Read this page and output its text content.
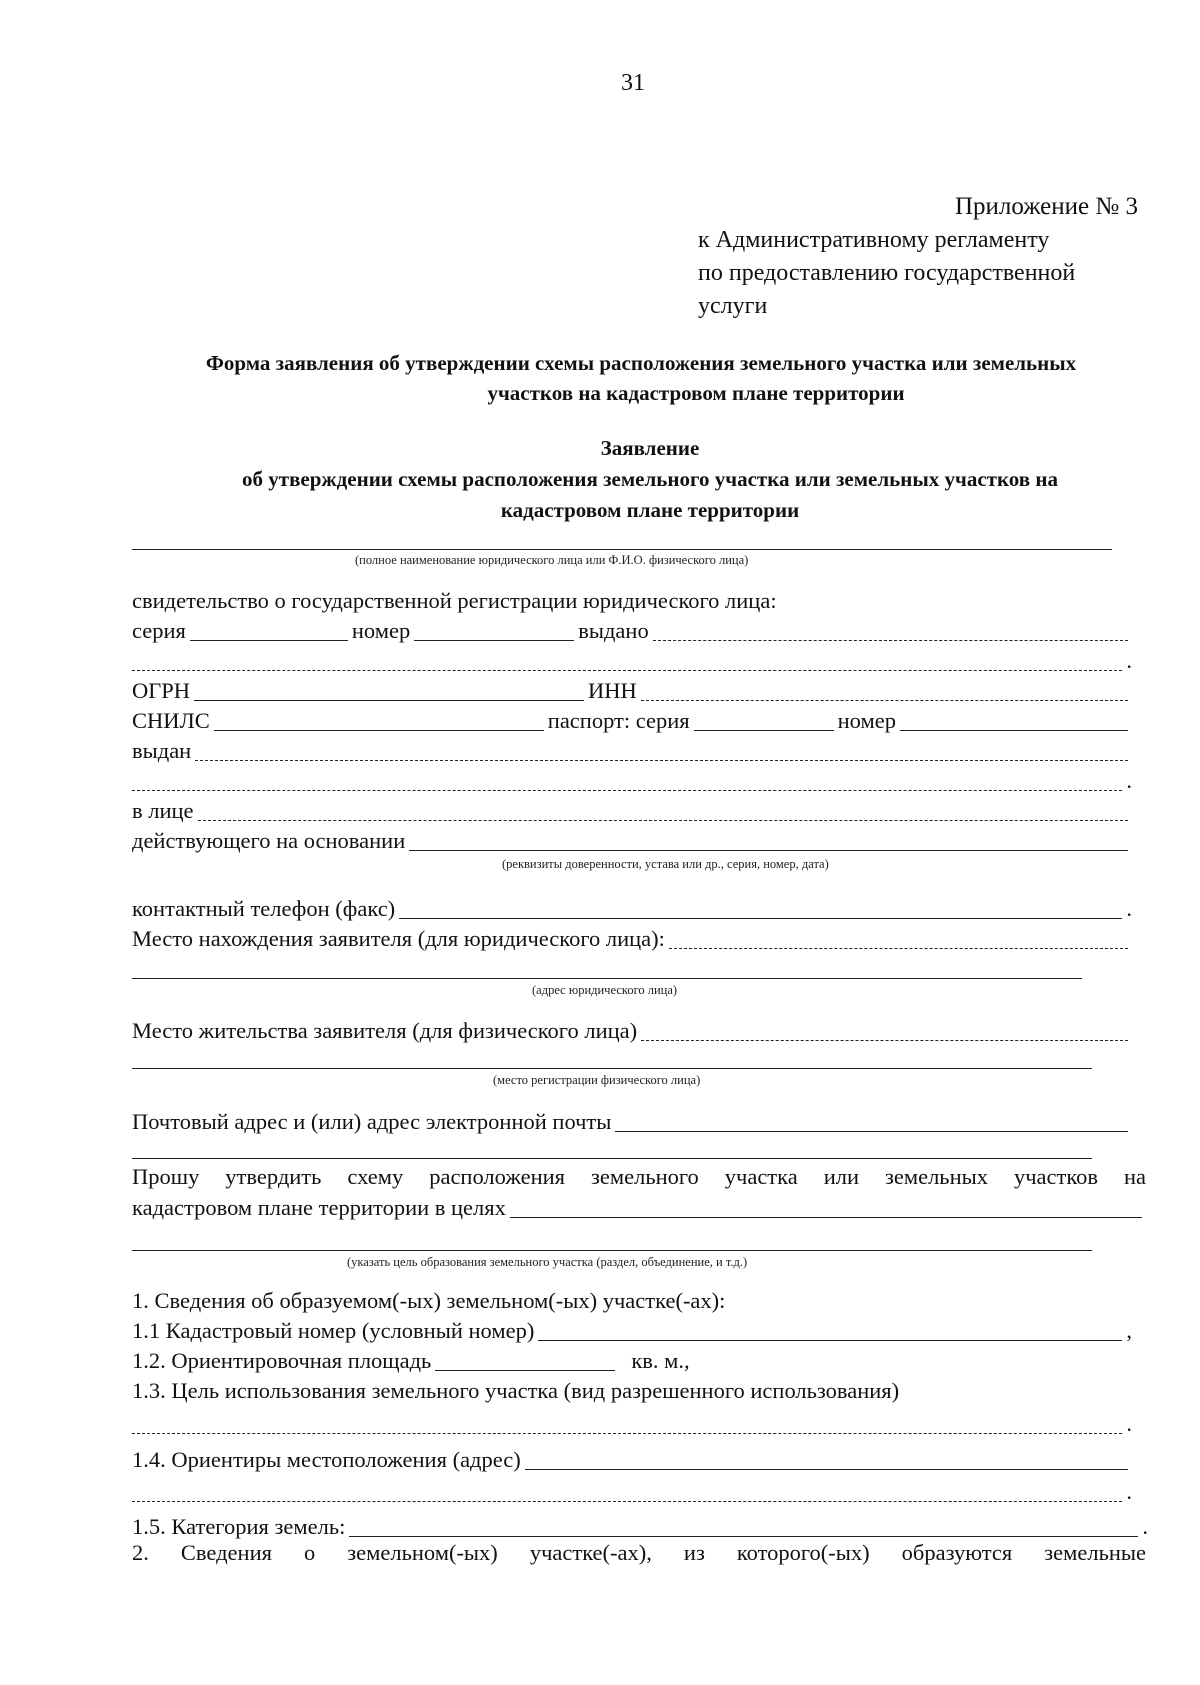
31
Приложение № 3
к Административному регламенту
по предоставлению государственной
услуги
Форма заявления об утверждении схемы расположения земельного участка или земельных
участков на кадастровом плане территории
Заявление
об утверждении схемы расположения земельного участка или земельных участков на
кадастровом плане территории
(полное наименование юридического лица или Ф.И.О. физического лица)
свидетельство о государственной регистрации юридического лица:
серия	номер	выдано
.
ОГРН	ИНН
СНИЛС	паспорт: серия	номер
выдан
.
в лице
действующего на основании
(реквизиты доверенности, устава или др., серия, номер, дата)
контактный телефон (факс)	.
Место нахождения заявителя (для юридического лица):
(адрес юридического лица)
Место жительства заявителя (для физического лица)
(место регистрации физического лица)
Почтовый адрес и (или) адрес электронной почты
Прошу утвердить схему расположения земельного участка или земельных участков на
кадастровом плане территории в целях
(указать цель образования земельного участка (раздел, объединение, и т.д.)
1. Сведения об образуемом(-ых) земельном(-ых) участке(-ах):
1.1 Кадастровый номер (условный номер)	,
1.2. Ориентировочная площадь	кв. м.,
1.3. Цель использования земельного участка (вид разрешенного использования)
.
1.4. Ориентиры местоположения (адрес)
.
1.5. Категория земель:	.
2. Сведения о земельном(-ых) участке(-ах), из которого(-ых) образуются земельные
